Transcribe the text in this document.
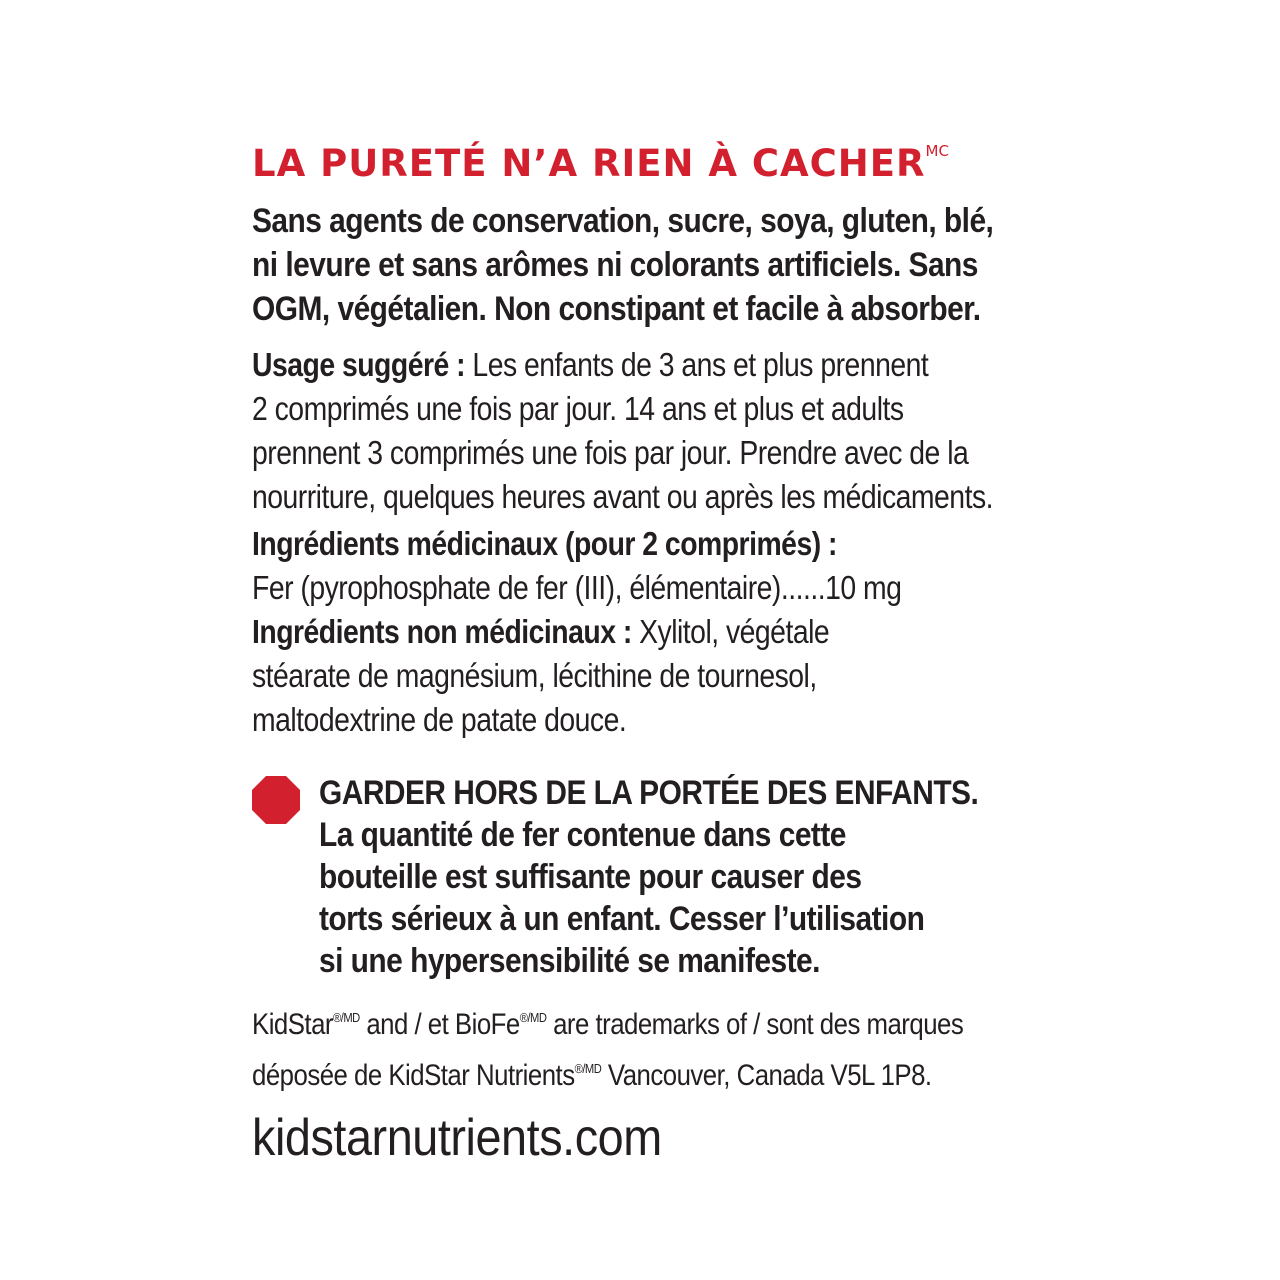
LA PURETÉ N’A RIEN À $CACHER^{MC}$
Sans agents de conservation, sucre, soya, gluten, blé,
ni levure et sans arômes ni colorants artificiels. Sans
OGM, végétalien. Non constipant et facile à absorber.
Usage suggéré : Les enfants de 3 ans et plus prennent
2 comprimés une fois par jour. 14 ans et plus et adults
prennent 3 comprimés une fois par jour. Prendre avec de la
nourriture, quelques heures avant ou après les médicaments.
Ingrédients médicinaux (pour 2 comprimés) :
Fer (pyrophosphate de fer (III), élémentaire)......10 mg
Ingrédients non médicinaux : Xylitol, végétale
stéarate de magnésium, lécithine de tournesol,
maltodextrine de patate douce.
GARDER HORS DE LA PORTÉE DES ENFANTS.
La quantité de fer contenue dans cette
bouteille est suffisante pour causer des
torts sérieux à un enfant. Cesser l’utilisation
si une hypersensibilité se manifeste.
KidStar$^{®/MD}$ and / et BioFe$^{®/MD}$ are trademarks of / sont des marques
déposée de KidStar Nutrients$^{®/MD}$ Vancouver, Canada V5L 1P8.
kidstarnutrients.com
